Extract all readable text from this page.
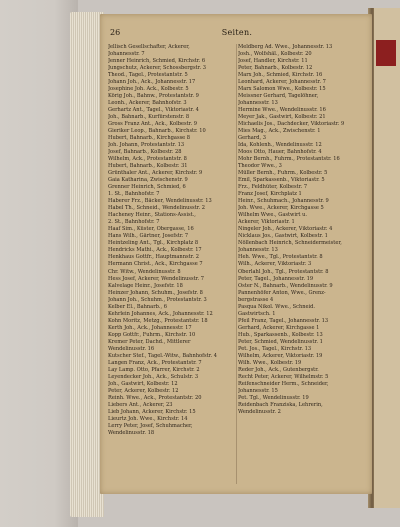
26	Seiten.
Jellisch Gesellschafter, Ackerer,
Johannesstr. 7
Jenner Heinrich, Schmied, Kirchstr. 6
Jungschutz, Ackerer, Schossbergstr. 3
Theod., Tagel., Protestantstr. 5
Johann Joh., Ack., Johannesstr. 17
Josephine Joh. Ack., Kolbestr. 5
Körig Joh., Bahnw., Protestantstr. 9
Leonh., Ackerer, Bahnhofstr. 3
Gerhartz Ant., Tagel., Viktoriastr. 4
Joh., Bahnarb., Kurfürstenstr. 8
Gross Franz Ant., Ack., Kolbestr. 9
Gieriker Leop., Bahnarb., Kirchstr. 10
Hubert, Bahnarb., Kirchgasse 8
Joh. Johann, Protestantstr. 13
Josef, Bahnarb., Kolbestr. 28
Wilhelm, Ack., Protestantstr. 8
Hubert, Bahnarb., Kolbestr. 31
Grünthaler Ant., Ackerer, Kirchstr. 9
Gaia Katharina, Zwischenstr. 9
Grenner Heinrich, Schmied, 6
1. St., Bahnhofstr. 7
Haberer Frz., Bäcker, Wendelinusstr. 13
Habel Th., Schneid., Wendelinusstr. 2
Hacheney Heinr., Stations-Assist.,
2. St., Bahnhofstr. 7
Haaf Sim., Küster, Obergasse, 16
Hans Wilh., Gärtner, Josefstr. 7
Heintzeling Ant., Tgl., Kirchplatz 8
Hendricks Mathi., Ack., Kolbestr. 17
Henkhaus Gottfr., Hauptmannstr. 2
Hermann Christ., Ack., Kirchgasse 7
Chr. Witw., Wendelinusstr. 8
Hess Josef, Ackerer, Wendelinusstr. 7
Kalvelage Heinr., Josefstr. 18
Heinzer Johann, Schuhm., Josefstr. 8
Johann Joh., Schuhm., Protestantstr. 3
Kelber El., Bahnarb., 6
Kehrlein Johannes, Ack., Johannesstr. 12
Kohn Moritz, Metzg., Protestantstr. 18
Kerth Joh., Ack., Johannesstr. 17
Kopp Gottfr., Fuhrm., Kirchstr. 10
Kremer Peter, Dachd., Mittlerer
Wendelinusstr. 16
Kutscher Stef., Tagel.-Witw., Bahnhofstr. 4
Langen Franz, Ack., Protestantstr. 7
Lay Lamp. Otto, Pfarrer, Kirchstr. 2
Leyendecker Joh., Ack., Schulstr. 3
Joh., Gastwirt, Kolbestr. 12
Peter, Ackerer, Kolbestr. 12
Reinh. Wwe., Ack., Protestantstr. 20
Liebers Ant., Ackerer, 23
Lieb Johann, Ackerer, Kirchstr. 15
Lieurtz Joh. Wwe., Kirchstr. 14
Lerry Peter, Josef, Schuhmacher,
Wendelinusstr. 18
Meldberg Ad. Wwe., Johannesstr. 13
Josh., Wolfshäl., Kolbestr. 20
Josef, Handler, Kirchstr. 11
Peter, Bahnarb., Kolbestr. 12
Marx Joh., Schmied, Kirchstr. 16
Leonhard, Ackerer, Johannesstr. 7
Marx Salomon Wwe., Kolbestr. 15
Meissner Gerhard, Tagelöhner,
Johannesstr. 13
Hermine Wwe., Wendelinusstr. 16
Meyer Jak., Gastwirt, Kolbestr. 21
Michaelis Jos., Dachdecker, Viktoriastr. 9
Mies Mag., Ack., Zwischenstr. 1
Gerhard, 3
Ida, Kohlenh., Wendelinusstr. 12
Moos Otto, Hauer, Bahnhofstr. 4
Mohr Bernh., Fuhrm., Protestantstr. 16
Theodor Wwe., 3
Müller Bernh., Fuhrm., Kolbestr. 5
Emil, Sparkassenb., Viktoriastr. 5
Frz., Feldhüter, Kolbestr. 7
Franz Josef, Kirchplatz 1
Heinr., Schuhmach., Johannesstr. 9
Joh. Wwe., Ackerer, Kirchgasse 5
Wilhelm Wwe., Gastwirt u.
Ackerer, Viktoriastr. 1
Ningeler Joh., Ackerer, Viktoriastr. 4
Nicklaus Jos., Gastwirt, Kolbestr. 1
Nöllenbach Heinrich, Schneidermeister,
Johannesstr. 13
Heh. Wwe., Tgl., Protestantstr. 8
Wilh., Ackerer, Viktoriastr. 3
Oberlahl Joh., Tgl., Protestantstr. 8
Peter, Tagel., Johannesstr. 19
Oster N., Bahnarb., Wendelinusstr. 9
Pannenhöfer Anton, Wwe., Grenz-
bergstrasse 4
Pasqua Nikol. Wwe., Schneid.
Gastwirtsch. 1
Pfeil Franz, Tagel., Johannesstr. 13
Gerhard, Ackerer, Kirchgasse 1
Hub., Sparkassenb., Kolbestr. 13
Peter, Schmied, Wendelinusstr. 1
Pet. Jos., Tagel., Kirchstr. 13
Wilhelm, Ackerer, Viktoriastr. 19
Wilh. Wwe., Kolbestr. 19
Reder Joh., Ack., Gutenbergstr.
Recht Peter, Ackerer, Wilhelmstr. 5
Reifenschneider Herm., Schneider,
Johannesstr. 15
Pet. Tgl., Wendelinusstr. 19
Reidenbach Franziska, Lehrerin,
Wendelinusstr. 2
